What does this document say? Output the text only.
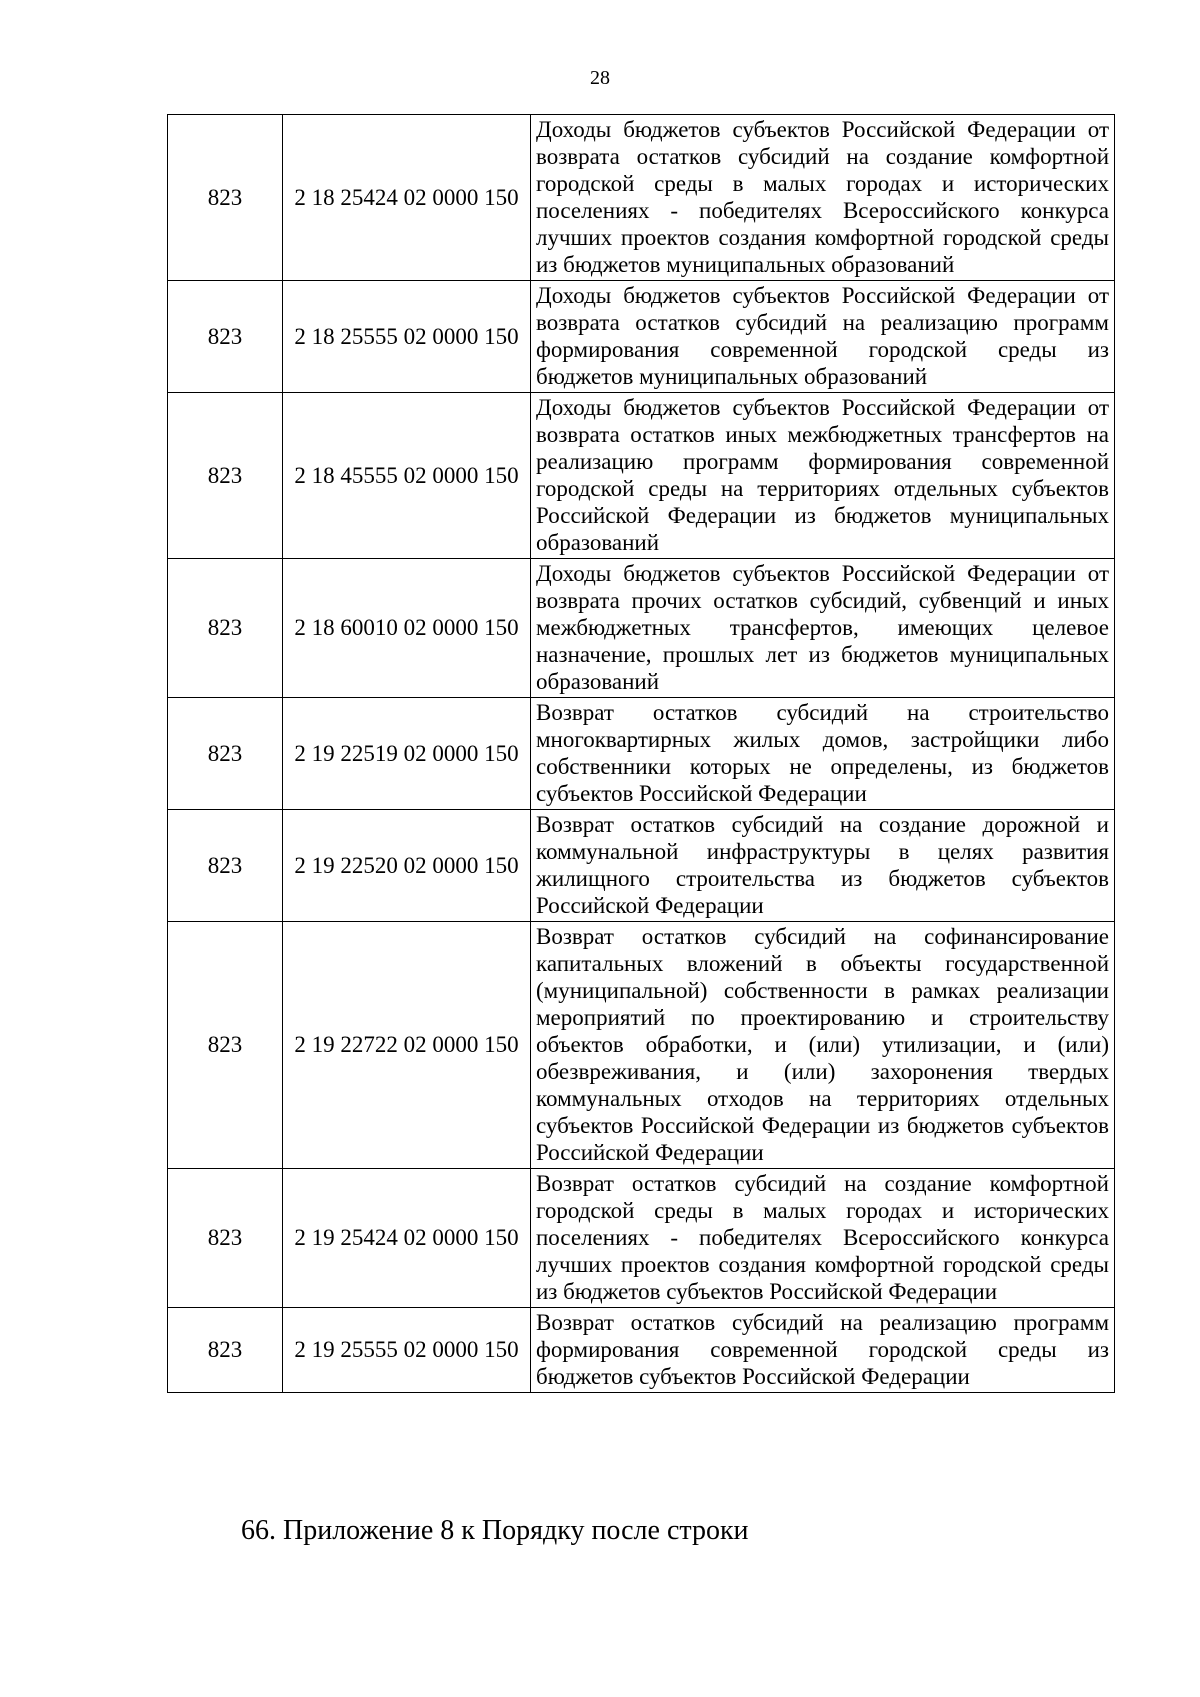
28
823	2 18 25424 02 0000 150	Доходы бюджетов субъектов Российской Федерации от возврата остатков субсидий на создание комфортной городской среды в малых городах и исторических поселениях - победителях Всероссийского конкурса лучших проектов создания комфортной городской среды из бюджетов муниципальных образований
823	2 18 25555 02 0000 150	Доходы бюджетов субъектов Российской Федерации от возврата остатков субсидий на реализацию программ формирования современной городской среды из бюджетов муниципальных образований
823	2 18 45555 02 0000 150	Доходы бюджетов субъектов Российской Федерации от возврата остатков иных межбюджетных трансфертов на реализацию программ формирования современной городской среды на территориях отдельных субъектов Российской Федерации из бюджетов муниципальных образований
823	2 18 60010 02 0000 150	Доходы бюджетов субъектов Российской Федерации от возврата прочих остатков субсидий, субвенций и иных межбюджетных трансфертов, имеющих целевое назначение, прошлых лет из бюджетов муниципальных образований
823	2 19 22519 02 0000 150	Возврат остатков субсидий на строительство многоквартирных жилых домов, застройщики либо собственники которых не определены, из бюджетов субъектов Российской Федерации
823	2 19 22520 02 0000 150	Возврат остатков субсидий на создание дорожной и коммунальной инфраструктуры в целях развития жилищного строительства из бюджетов субъектов Российской Федерации
823	2 19 22722 02 0000 150	Возврат остатков субсидий на софинансирование капитальных вложений в объекты государственной (муниципальной) собственности в рамках реализации мероприятий по проектированию и строительству объектов обработки, и (или) утилизации, и (или) обезвреживания, и (или) захоронения твердых коммунальных отходов на территориях отдельных субъектов Российской Федерации из бюджетов субъектов Российской Федерации
823	2 19 25424 02 0000 150	Возврат остатков субсидий на создание комфортной городской среды в малых городах и исторических поселениях - победителях Всероссийского конкурса лучших проектов создания комфортной городской среды из бюджетов субъектов Российской Федерации
823	2 19 25555 02 0000 150	Возврат остатков субсидий на реализацию программ формирования современной городской среды из бюджетов субъектов Российской Федерации
66. Приложение 8 к Порядку после строки
